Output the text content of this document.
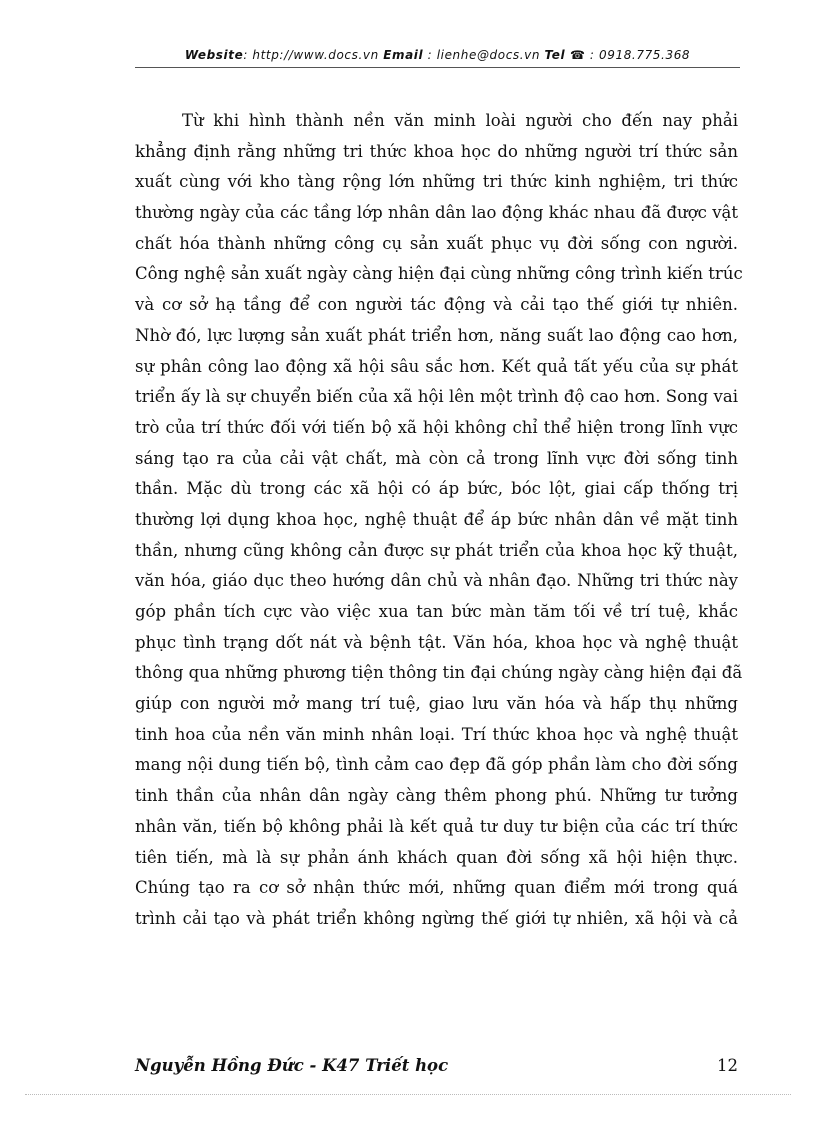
Website: http://www.docs.vn Email : lienhe@docs.vn Tel ☎ : 0918.775.368
Từ khi hình thành nền văn minh loài người cho đến nay phải
khẳng định rằng những tri thức khoa học do những người trí thức sản
xuất cùng với kho tàng rộng lớn những tri thức kinh nghiệm, tri thức
thường ngày của các tầng lớp nhân dân lao động khác nhau đã được vật
chất hóa thành những công cụ sản xuất phục vụ đời sống con người.
Công nghệ sản xuất ngày càng hiện đại cùng những công trình kiến trúc
và cơ sở hạ tầng để con người tác động và cải tạo thế giới tự nhiên.
Nhờ đó, lực lượng sản xuất phát triển hơn, năng suất lao động cao hơn,
sự phân công lao động xã hội sâu sắc hơn. Kết quả tất yếu của sự phát
triển ấy là sự chuyển biến của xã hội lên một trình độ cao hơn. Song vai
trò của trí thức đối với tiến bộ xã hội không chỉ thể hiện trong lĩnh vực
sáng tạo ra của cải vật chất, mà còn cả trong lĩnh vực đời sống tinh
thần. Mặc dù trong các xã hội có áp bức, bóc lột, giai cấp thống trị
thường lợi dụng khoa học, nghệ thuật để áp bức nhân dân về mặt tinh
thần, nhưng cũng không cản được sự phát triển của khoa học kỹ thuật,
văn hóa, giáo dục theo hướng dân chủ và nhân đạo. Những tri thức này
góp phần tích cực vào việc xua tan bức màn tăm tối về trí tuệ, khắc
phục tình trạng dốt nát và bệnh tật. Văn hóa, khoa học và nghệ thuật
thông qua những phương tiện thông tin đại chúng ngày càng hiện đại đã
giúp con người mở mang trí tuệ, giao lưu văn hóa và hấp thụ những
tinh hoa của nền văn minh nhân loại. Trí thức khoa học và nghệ thuật
mang nội dung tiến bộ, tình cảm cao đẹp đã góp phần làm cho đời sống
tinh thần của nhân dân ngày càng thêm phong phú. Những tư tưởng
nhân văn, tiến bộ không phải là kết quả tư duy tư biện của các trí thức
tiên tiến, mà là sự phản ánh khách quan đời sống xã hội hiện thực.
Chúng tạo ra cơ sở nhận thức mới, những quan điểm mới trong quá
trình cải tạo và phát triển không ngừng thế giới tự nhiên, xã hội và cả
Nguyễn Hồng Đức - K47 Triết học	12
